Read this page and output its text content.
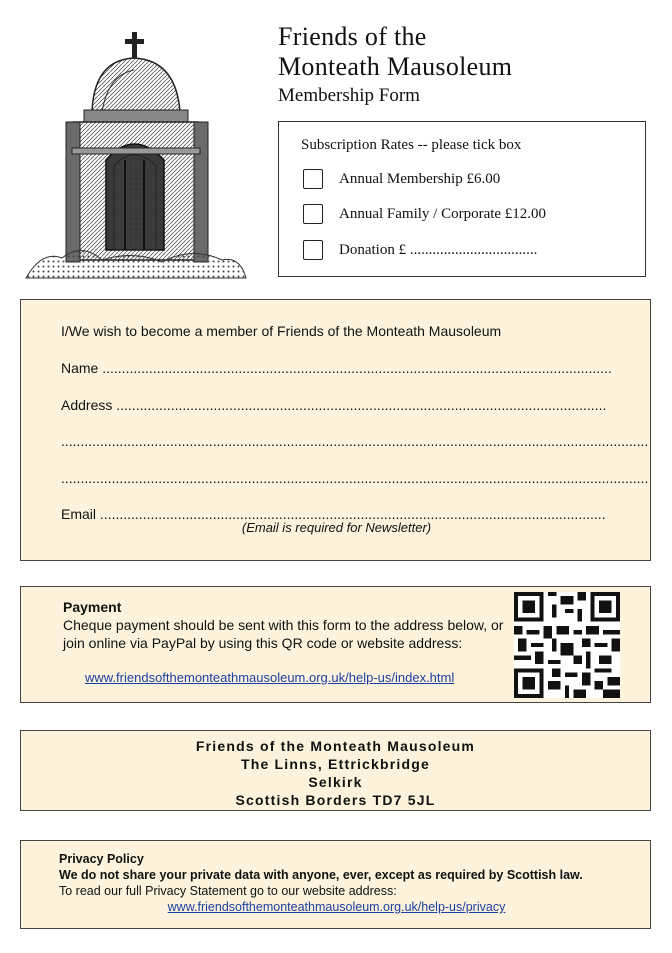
Friends of the
Monteath Mausoleum
Membership Form
Subscription Rates -- please tick box
Annual Membership £6.00
Annual Family / Corporate £12.00
Donation £ ..................................
I/We wish to become a member of Friends of the Monteath Mausoleum
Name ...................................................................................................................................
Address ..............................................................................................................................
.......................................................................................................................................................
.......................................................................................................................................................
Email ..................................................................................................................................
(Email is required for Newsletter)
Payment
Cheque payment should be sent with this form to the address below, or join online via PayPal by using this QR code or website address:
www.friendsofthemonteathmausoleum.org.uk/help-us/index.html
Friends of the Monteath Mausoleum
The Linns, Ettrickbridge
Selkirk
Scottish Borders TD7 5JL
Privacy Policy
We do not share your private data with anyone, ever, except as required by Scottish law.
To read our full Privacy Statement go to our website address:
www.friendsofthemonteathmausoleum.org.uk/help-us/privacy
